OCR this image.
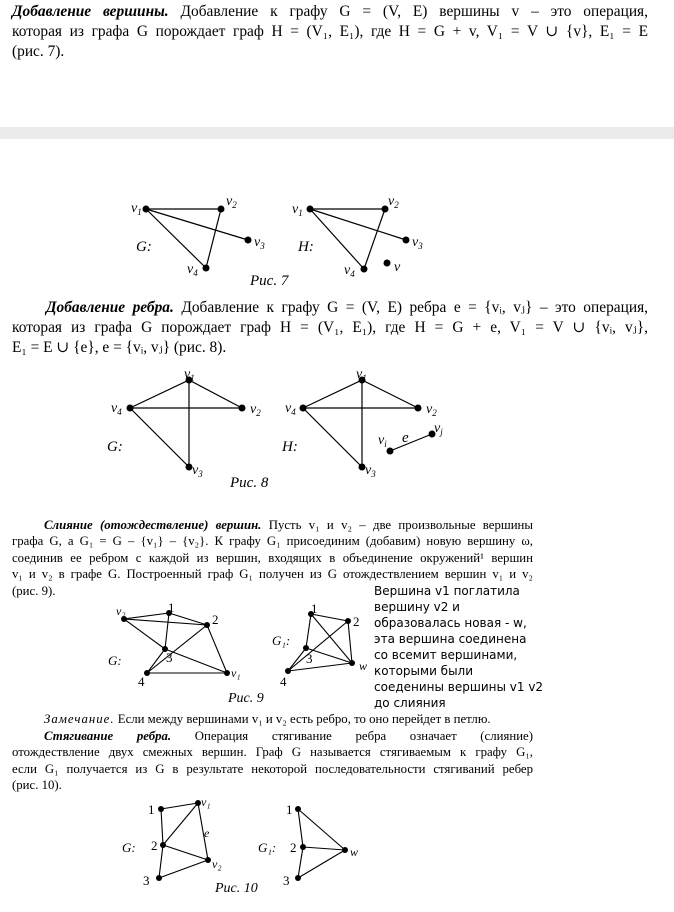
Добавление вершины. Добавление к графу G = (V, E) вершины v – это операция,
которая из графа G порождает граф H = (V₁, E₁), где H = G + v, V₁ = V ∪ {v}, E₁ = E
(рис. 7).
$v_1$
$v_2$
$v_3$
$v_4$
G:
$v_1$
$v_2$
$v_3$
$v_4$	v
H:
Рис. 7
Добавление ребра. Добавление к графу G = (V, E) ребра e = {vᵢ, vⱼ} – это операция,
которая из графа G порождает граф H = (V₁, E₁), где H = G + e, V₁ = V ∪ {vᵢ, vⱼ},
E₁ = E ∪ {e}, e = {vᵢ, vⱼ} (рис. 8).
$v_1$
$v_2$
$v_3$
$v_4$
G:
$v_1$
$v_2$
$v_3$
$v_4$
$v_i$
$v_j$
e
H:
Рис. 8
Слияние (отождествление) вершин. Пусть v₁ и v₂ – две произвольные вершины
графа G, а G₁ = G – {v₁} – {v₂}. К графу G₁ присоединим (добавим) новую вершину ω,
соединив ее ребром с каждой из вершин, входящих в объединение окружений¹ вершин
v₁ и v₂ в графе G. Построенный граф G₁ получен из G отождествлением вершин v₁ и v₂
(рис. 9).	Вершина v1 поглатила
вершину v2 и
образовалась новая - w,
эта вершина соединена
со всемит вершинами,
которыми были
соеденины вершины v1 v2
до слияния
v₂	1
2
3
4
v₁
G:
1
2
3
4
w
G₁:
Рис. 9
Замечание. Если между вершинами v₁ и v₂ есть ребро, то оно перейдет в петлю.
Стягивание ребра. Операция стягивание ребра означает (слияние)
отождествление двух смежных вершин. Граф G называется стягиваемым к графу G₁,
если G₁ получается из G в результате некоторой последовательности стягиваний ребер
(рис. 10).
1	v₁
2
v₂
3
e
G:
1
2
3
w
G₁:
Рис. 10
